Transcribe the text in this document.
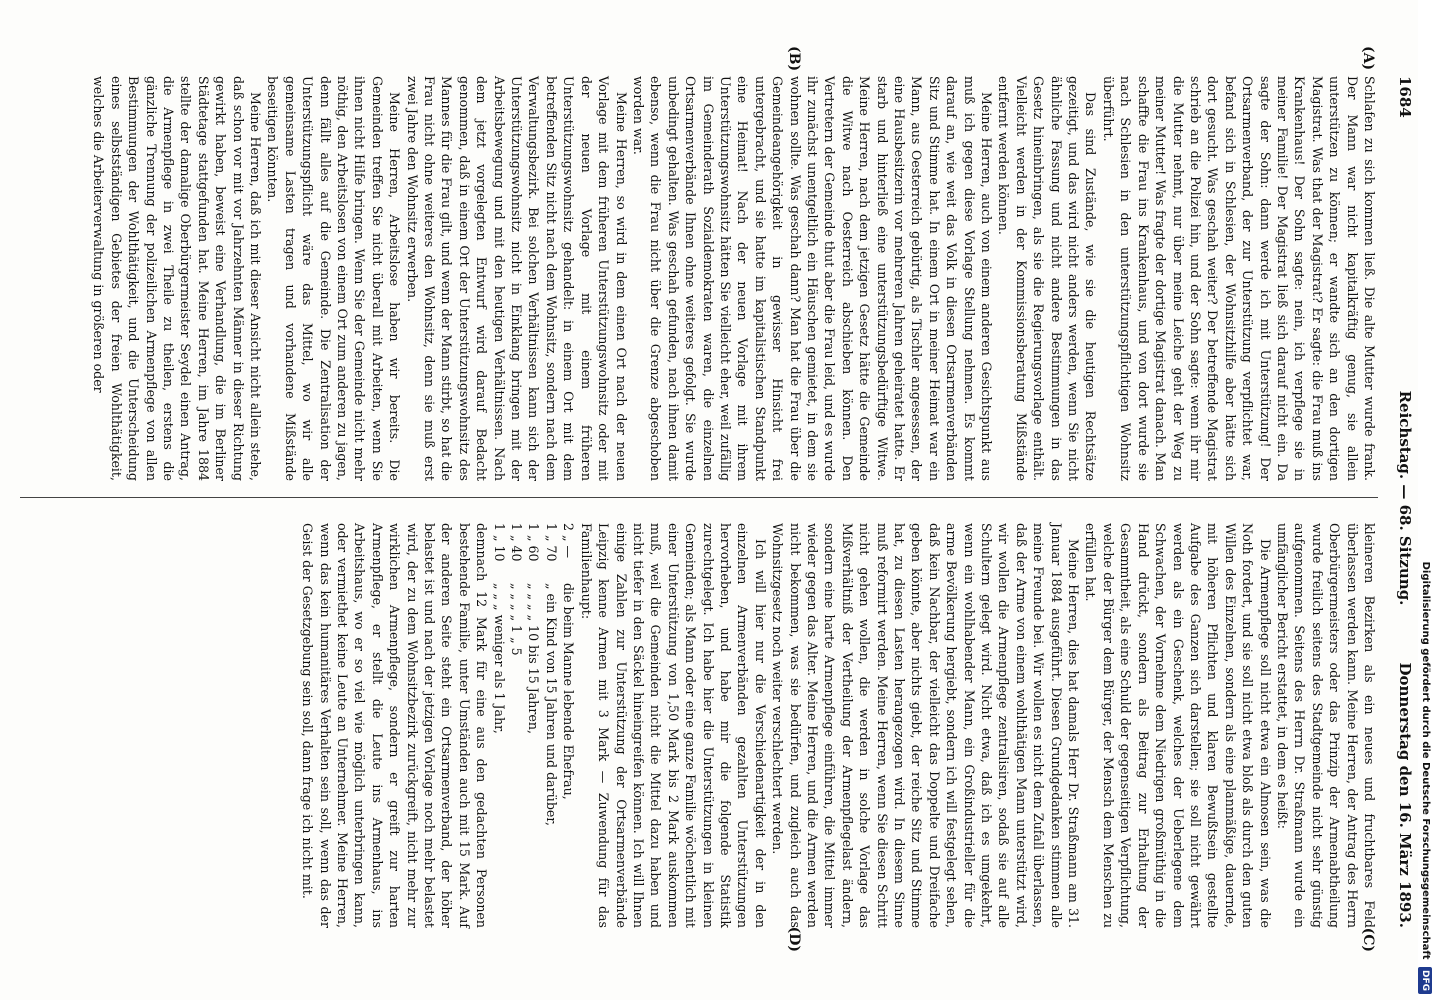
1684
Reichstag. — 68. Sitzung.
Donnerstag den 16. März 1893.
(A)
(B)
(C)
(D)

Schlafen zu sich kommen ließ. Die alte Mutter wurde frank. Der Mann war nicht kapitalkräftig genug, sie allein unterstützen zu können; er wandte sich an den dortigen Magistrat. Was that der Magistrat? Er sagte: die Frau muß ins Krankenhaus! Der Sohn sagte: nein, ich verpflege sie in meiner Familie! Der Magistrat ließ sich darauf nicht ein. Da sagte der Sohn: dann werde ich mit Unterstützung! Der Ortsarmenverband, der zur Unterstützung verpflichtet war, befand sich in Schlesien, der Wohnsitzhilfe aber hätte sich dort gesucht. Was geschah weiter? Der betreffende Magistrat schrieb an die Polizei hin, und der Sohn sagte: wenn ihr mir die Mutter nehmt, nur über meine Leiche geht der Weg zu meiner Mutter! Was fragte der dortige Magistrat danach. Man schaffte die Frau ins Krankenhaus, und von dort wurde sie nach Schlesien in den unterstützungspflichtigen Wohnsitz überführt.

Das sind Zustände, wie sie die heutigen Rechtsätze gezeitigt, und das wird nicht anders werden, wenn Sie nicht ähnliche Fassung und nicht andere Bestimmungen in das Gesetz hineinbringen, als sie die Regierungsvorlage enthält. Vielleicht werden in der Kommissionsberatung Mißstände entfernt werden können.

Meine Herren, auch von einem anderen Gesichtspunkt aus muß ich gegen diese Vorlage Stellung nehmen. Es kommt darauf an, wie weit das Volk in diesen Ortsarmenverbänden Sitz und Stimme hat. In einem Ort in meiner Heimat war ein Mann, aus Oesterreich gebürtig, als Tischler angesessen, der eine Hausbesitzerin vor mehreren Jahren geheiratet hatte. Er starb und hinterließ eine unterstützungsbedürftige Witwe. Meine Herren, nach dem jetzigen Gesetz hätte die Gemeinde die Witwe nach Oesterreich abschieben können. Den Vertretern der Gemeinde thut aber die Frau leid, und es wurde ihr zunächst unentgeltlich ein Häuschen gemietet, in dem sie wohnen sollte. Was geschah dann? Man hat die Frau über die Gemeindeangehörigkeit in gewisser Hinsicht frei untergebracht, und sie hatte im kapitalistischen Standpunkt eine Heimat! Nach der neuen Vorlage mit ihrem Unterstützungswohnsitz hätten Sie vielleicht eher, weil zufällig im Gemeinderath Sozialdemokraten waren, die einzelnen Ortsarmenverbände Ihnen ohne weiteres gefolgt. Sie wurde unbedingt gehalten. Was geschah gefunden, nach ihnen damit ebenso, wenn die Frau nicht über die Grenze abgeschoben worden war.

Meine Herren, so wird in dem einen Ort nach der neuen Vorlage mit dem früheren Unterstützungswohnsitz oder mit der neuen Vorlage mit einem früheren Unterstützungswohnsitz gehandelt: in einem Ort mit dem betreffenden Sitz nicht nach dem Wohnsitz, sondern nach dem Verwaltungsbezirk. Bei solchen Verhältnissen kann sich der Unterstützungswohnsitz nicht in Einklang bringen mit der Arbeitsbewegung und mit den heutigen Verhältnissen. Nach dem jetzt vorgelegten Entwurf wird darauf Bedacht genommen, daß in einem Ort der Unterstützungswohnsitz des Mannes für die Frau gilt, und wenn der Mann stirbt, so hat die Frau nicht ohne weiteres den Wohnsitz, denn sie muß erst zwei Jahre den Wohnsitz erwerben.

Meine Herren, Arbeitslose haben wir bereits. Die Gemeinden treffen Sie nicht überall mit Arbeiten, wenn Sie ihnen nicht Hilfe bringen. Wenn Sie der Gemeinde nicht mehr nöthig, den Arbeitslosen von einem Ort zum anderen zu jagen, denn fällt alles auf die Gemeinde. Die Zentralisation der Unterstützungspflicht wäre das Mittel, wo wir alle gemeinsame Lasten tragen und vorhandene Mißstände beseitigen könnten.

Meine Herren, daß ich mit dieser Ansicht nicht allein stehe, daß schon vor mit vor Jahrzehnten Männer in dieser Richtung gewirkt haben, beweist eine Verhandlung, die im Berliner Städtetage stattgefunden hat. Meine Herren, im Jahre 1884 stellte der damalige Oberbürgermeister Seydel einen Antrag, die Armenpflege in zwei Theile zu theilen, erstens die gänzliche Trennung der polizeilichen Armenpflege von allen Bestimmungen der Wohlthätigkeit, und die Unterscheidung eines selbstständigen Gebietes der freien Wohlthätigkeit, welches die Arbeiterverwaltung in größeren oder

kleineren Bezirken als ein neues und fruchtbares Feld überlassen werden kann. Meine Herren, der Antrag des Herrn Oberbürgermeisters oder das Prinzip der Armenabtheilung wurde freilich seitens des Stadtgemeinde nicht sehr günstig aufgenommen. Seitens des Herrn Dr. Straßmann wurde ein umfänglicher Bericht erstattet, in dem es heißt:

Die Armenpflege soll nicht etwa ein Almosen sein, was die Noth fordert, und sie soll nicht etwa bloß als durch den guten Willen des Einzelnen, sondern als eine planmäßige, dauernde, mit höheren Pflichten und klaren Bewußtsein gestellte Aufgabe des Ganzen sich darstellen; sie soll nicht gewährt werden als ein Geschenk, welches der Ueberlegene dem Schwachen, der Vornehme dem Niedrigen großmüthig in die Hand drückt, sondern als Beitrag zur Erhaltung der Gesammtheit, als eine Schuld der gegenseitigen Verpflichtung, welche der Bürger dem Bürger, der Mensch dem Menschen zu erfüllen hat.

Meine Herren, dies hat damals Herr Dr. Straßmann am 31. Januar 1884 ausgeführt. Diesen Grundgedanken stimmen alle meine Freunde bei. Wir wollen es nicht dem Zufall überlassen, daß der Arme von einem wohlthätigen Mann unterstützt wird, wir wollen die Armenpflege zentralisiren, sodaß sie auf alle Schultern gelegt wird. Nicht etwa, daß ich es umgekehrt, wenn ein wohlhabender Mann, ein Großindustrieller für die arme Bevölkerung hergiebt, sondern ich will festgelegt sehen, daß kein Nachbar, der vielleicht das Doppelte und Dreifache geben könnte, aber nichts giebt, der reiche Sitz und Stimme hat, zu diesen Lasten herangezogen wird. In diesem Sinne muß reformirt werden. Meine Herren, wenn Sie diesen Schritt nicht gehen wollen, die werden in solche Vorlage das Mißverhältniß der Vertheilung der Armenpflegelast ändern, sondern eine harte Armenpflege einführen, die Mittel immer wieder gegen das Alter. Meine Herren, und die Armen werden nicht bekommen, was sie bedürfen, und zugleich auch das Wohnsitzgesetz noch weiter verschlechtert werden.

Ich will hier nur die Verschiedenartigkeit der in den einzelnen Armenverbänden gezahlten Unterstützungen hervorheben, und habe mir die folgende Statistik zurechtgelegt. Ich habe hier die Unterstützungen in kleinen Gemeinden; als Mann oder eine ganze Familie wöchentlich mit einer Unterstützung von 1,50 Mark bis 2 Mark auskommen muß, weil die Gemeinden nicht die Mittel dazu haben und nicht tiefer in den Säckel hineingreifen können. Ich will Ihnen einige Zahlen zur Unterstützung der Ortsarmenverbände Leipzig kenne Armen mit 3 Mark — Zuwendung für das Familienhaupt:

2 „ —
die beim Manne lebende Ehefrau,
1 „ 70
„ ein Kind von 15 Jahren und darüber,
1 „ 60
„ „ „ „ 10 bis 15 Jahren,
1 „ 40
„ „ „ „ 1 „ 5
1 „ 10
„ „ „ weniger als 1 Jahr,

demnach 12 Mark für eine aus den gedachten Personen bestehende Familie, unter Umständen auch mit 15 Mark. Auf der anderen Seite steht ein Ortsarmenverband, der höher belastet ist und nach der jetzigen Vorlage noch mehr belastet wird, der zu dem Wohnsitzbezirk zurückgreift, nicht mehr zur wirklichen Armenpflege, sondern er greift zur harten Armenpflege, er stellt die Leute ins Armenhaus, ins Arbeitshaus, wo er so viel wie möglich unterbringen kann, oder vermiethet keine Leute an Unternehmer. Meine Herren, wenn das kein humanitäres Verhalten sein soll, wenn das der Geist der Gesetzgebung sein soll, dann frage ich nicht mit.	Digitalisierung gefördert durch die Deutsche Forschungsgemeinschaft DFG
